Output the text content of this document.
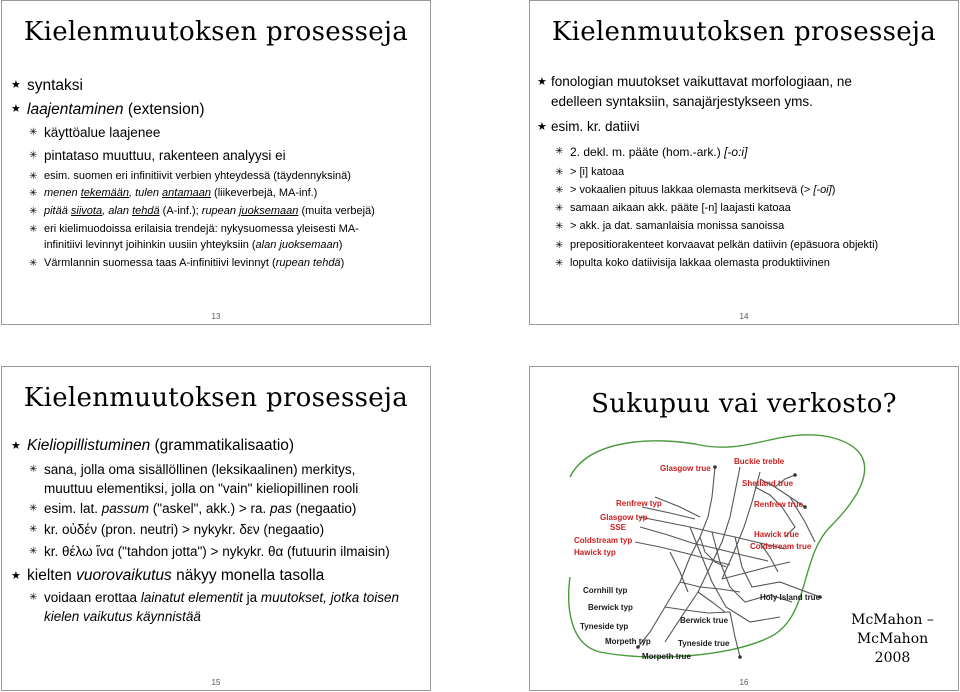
Kielenmuutoksen prosesseja
★ syntaksi
★ laajentaminen (extension)
✳ käyttöalue laajenee
✳ pintataso muuttuu, rakenteen analyysi ei
✳ esim. suomen eri infinitiivit verbien yhteydessä (täydennyksinä)
✳ menen tekemään, tulen antamaan (liikeverbejä, MA-inf.)
✳ pitää siivota, alan tehdä (A-inf.); rupean juoksemaan (muita verbejä)
✳ eri kielimuodoissa erilaisia trendejä: nykysuomessa yleisesti MA-
infinitiivi levinnyt joihinkin uusiin yhteyksiin (alan juoksemaan)
✳ Värmlannin suomessa taas A-infinitiivi levinnyt (rupean tehdä)
13
Kielenmuutoksen prosesseja
★ fonologian muutokset vaikuttavat morfologiaan, ne
edelleen syntaksiin, sanajärjestykseen yms.
★ esim. kr. datiivi
✳ 2. dekl. m. pääte (hom.-ark.) [-o:i]
✳ > [i] katoaa
✳ > vokaalien pituus lakkaa olemasta merkitsevä (> [-oi])
✳ samaan aikaan akk. pääte [-n] laajasti katoaa
✳ > akk. ja dat. samanlaisia monissa sanoissa
✳ prepositiorakenteet korvaavat pelkän datiivin (epäsuora objekti)
✳ lopulta koko datiivisija lakkaa olemasta produktiivinen
14
Kielenmuutoksen prosesseja
★ Kieliopillistuminen (grammatikalisaatio)
✳ sana, jolla oma sisällöllinen (leksikaalinen) merkitys,
muuttuu elementiksi, jolla on "vain" kieliopillinen rooli
✳ esim. lat. passum ("askel", akk.) > ra. pas (negaatio)
✳ kr. οὐδέν (pron. neutri) > nykykr. δεν (negaatio)
✳ kr. θέλω ἵνα ("tahdon jotta") > nykykr. θα (futuurin ilmaisin)
★ kielten vuorovaikutus näkyy monella tasolla
✳ voidaan erottaa lainatut elementit ja muutokset, jotka toisen
kielen vaikutus käynnistää
15
Sukupuu vai verkosto?
Glasgow true
Buckie treble
Shetland true
Renfrew typ
Glasgow typ
SSE
Renfrew true
Coldstream typ
Hawick typ
Hawick true
Coldstream true
Cornhill typ
Berwick typ
Holy Island true
Berwick true
Tyneside typ
Morpeth typ	Tyneside true
Morpeth true
McMahon –
McMahon
2008
16
